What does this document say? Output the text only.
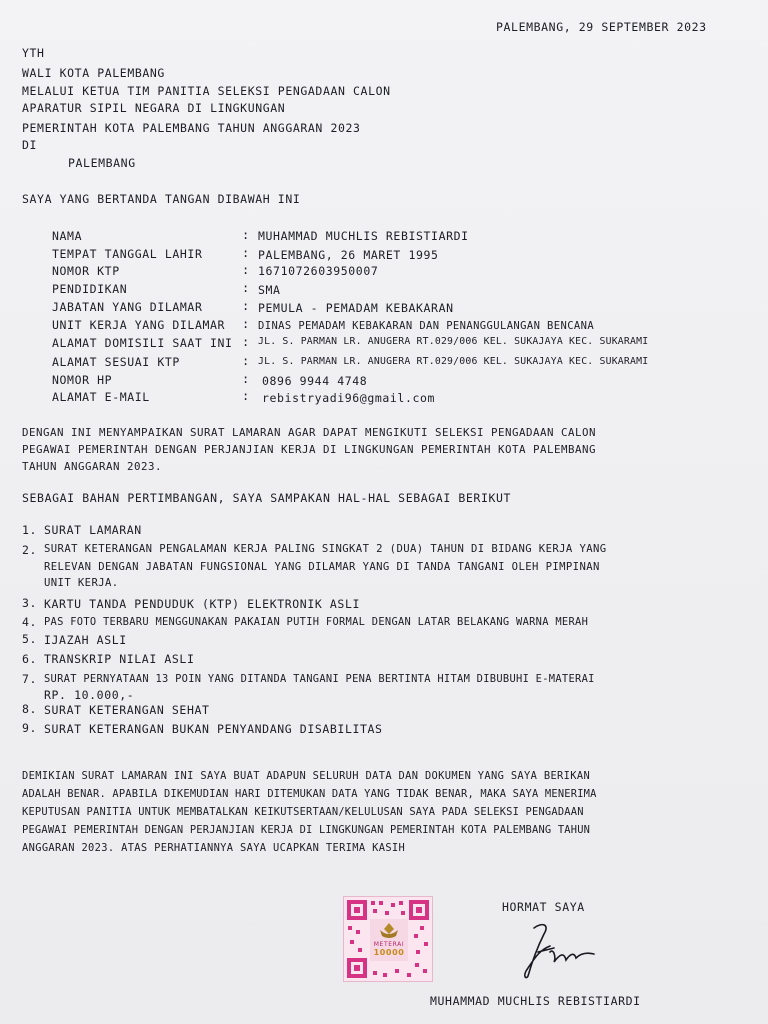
PALEMBANG, 29 SEPTEMBER 2023
YTH
WALI KOTA PALEMBANG
MELALUI KETUA TIM PANITIA SELEKSI PENGADAAN CALON
APARATUR SIPIL NEGARA DI LINGKUNGAN
PEMERINTAH KOTA PALEMBANG TAHUN ANGGARAN 2023
DI
PALEMBANG
SAYA YANG BERTANDA TANGAN DIBAWAH INI
NAMA	: MUHAMMAD MUCHLIS REBISTIARDI
TEMPAT TANGGAL LAHIR	: PALEMBANG, 26 MARET 1995
NOMOR KTP	: 1671072603950007
PENDIDIKAN	: SMA
JABATAN YANG DILAMAR	: PEMULA - PEMADAM KEBAKARAN
UNIT KERJA YANG DILAMAR : DINAS PEMADAM KEBAKARAN DAN PENANGGULANGAN BENCANA
ALAMAT DOMISILI SAAT INI : JL. S. PARMAN LR. ANUGERA RT.029/006 KEL. SUKAJAYA KEC. SUKARAMI
ALAMAT SESUAI KTP	: JL. S. PARMAN LR. ANUGERA RT.029/006 KEL. SUKAJAYA KEC. SUKARAMI
NOMOR HP	: 0896 9944 4748
ALAMAT E-MAIL	: rebistryadi96@gmail.com
DENGAN INI MENYAMPAIKAN SURAT LAMARAN AGAR DAPAT MENGIKUTI SELEKSI PENGADAAN CALON
PEGAWAI PEMERINTAH DENGAN PERJANJIAN KERJA DI LINGKUNGAN PEMERINTAH KOTA PALEMBANG
TAHUN ANGGARAN 2023.
SEBAGAI BAHAN PERTIMBANGAN, SAYA SAMPAKAN HAL-HAL SEBAGAI BERIKUT
1. SURAT LAMARAN
2. SURAT KETERANGAN PENGALAMAN KERJA PALING SINGKAT 2 (DUA) TAHUN DI BIDANG KERJA YANG
RELEVAN DENGAN JABATAN FUNGSIONAL YANG DILAMAR YANG DI TANDA TANGANI OLEH PIMPINAN
UNIT KERJA.
3. KARTU TANDA PENDUDUK (KTP) ELEKTRONIK ASLI
4. PAS FOTO TERBARU MENGGUNAKAN PAKAIAN PUTIH FORMAL DENGAN LATAR BELAKANG WARNA MERAH
5. IJAZAH ASLI
6. TRANSKRIP NILAI ASLI
7. SURAT PERNYATAAN 13 POIN YANG DITANDA TANGANI PENA BERTINTA HITAM DIBUBUHI E-MATERAI
RP. 10.000,-
8. SURAT KETERANGAN SEHAT
9. SURAT KETERANGAN BUKAN PENYANDANG DISABILITAS
DEMIKIAN SURAT LAMARAN INI SAYA BUAT ADAPUN SELURUH DATA DAN DOKUMEN YANG SAYA BERIKAN
ADALAH BENAR. APABILA DIKEMUDIAN HARI DITEMUKAN DATA YANG TIDAK BENAR, MAKA SAYA MENERIMA
KEPUTUSAN PANITIA UNTUK MEMBATALKAN KEIKUTSERTAAN/KELULUSAN SAYA PADA SELEKSI PENGADAAN
PEGAWAI PEMERINTAH DENGAN PERJANJIAN KERJA DI LINGKUNGAN PEMERINTAH KOTA PALEMBANG TAHUN
ANGGARAN 2023. ATAS PERHATIANNYA SAYA UCAPKAN TERIMA KASIH
HORMAT SAYA
METERAI
10000
MUHAMMAD MUCHLIS REBISTIARDI
